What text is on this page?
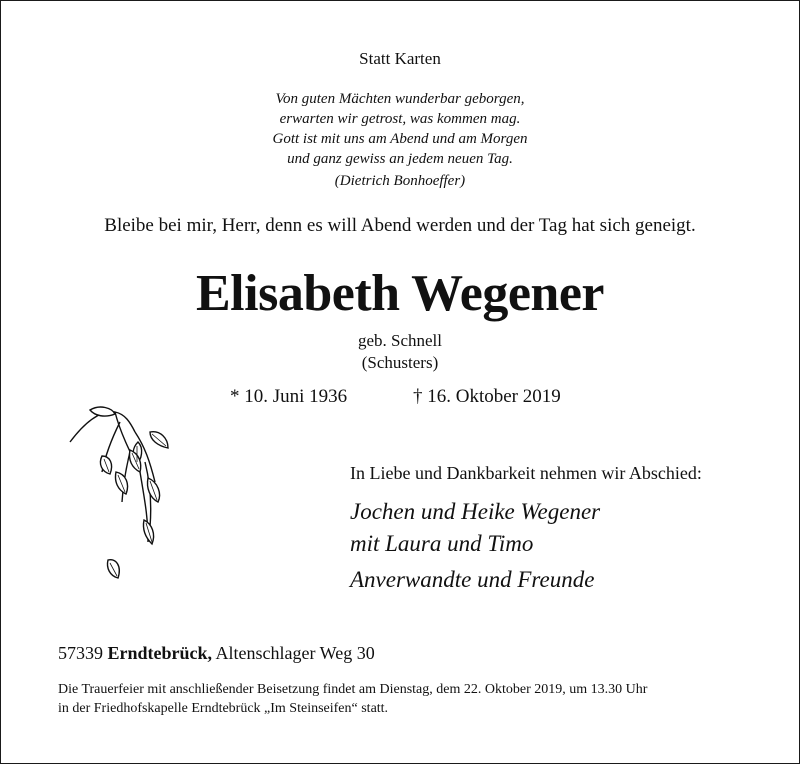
Statt Karten
Von guten Mächten wunderbar geborgen,
erwarten wir getrost, was kommen mag.
Gott ist mit uns am Abend und am Morgen
und ganz gewiss an jedem neuen Tag.
(Dietrich Bonhoeffer)
Bleibe bei mir, Herr, denn es will Abend werden und der Tag hat sich geneigt.
Elisabeth Wegener
geb. Schnell
(Schusters)
* 10. Juni 1936	† 16. Oktober 2019
In Liebe und Dankbarkeit nehmen wir Abschied:
Jochen und Heike Wegener
mit Laura und Timo
Anverwandte und Freunde
57339 Erndtebrück, Altenschlager Weg 30
Die Trauerfeier mit anschließender Beisetzung findet am Dienstag, dem 22. Oktober 2019, um 13.30 Uhr
in der Friedhofskapelle Erndtebrück „Im Steinseifen“ statt.
